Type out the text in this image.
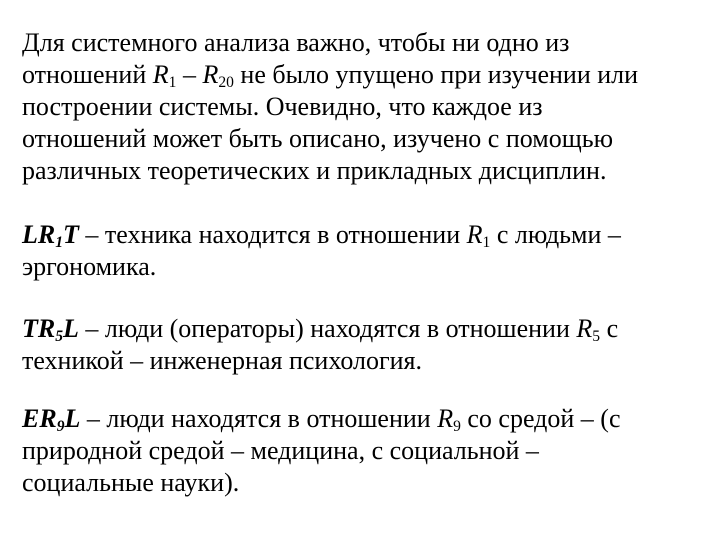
Для системного анализа важно, чтобы ни одно из
отношений $R_1 - R_{20}$ не было упущено при изучении или
построении системы. Очевидно, что каждое из
отношений может быть описано, изучено с помощью
различных теоретических и прикладных дисциплин.

$LR_1T$ – техника находится в отношении $R_1$ с людьми –
эргономика.

$TR_5L$ – люди (операторы) находятся в отношении $R_5$ с
техникой – инженерная психология.

$ER_9L$ – люди находятся в отношении $R_9$ со средой – (с
природной средой – медицина, с социальной –
социальные науки).
